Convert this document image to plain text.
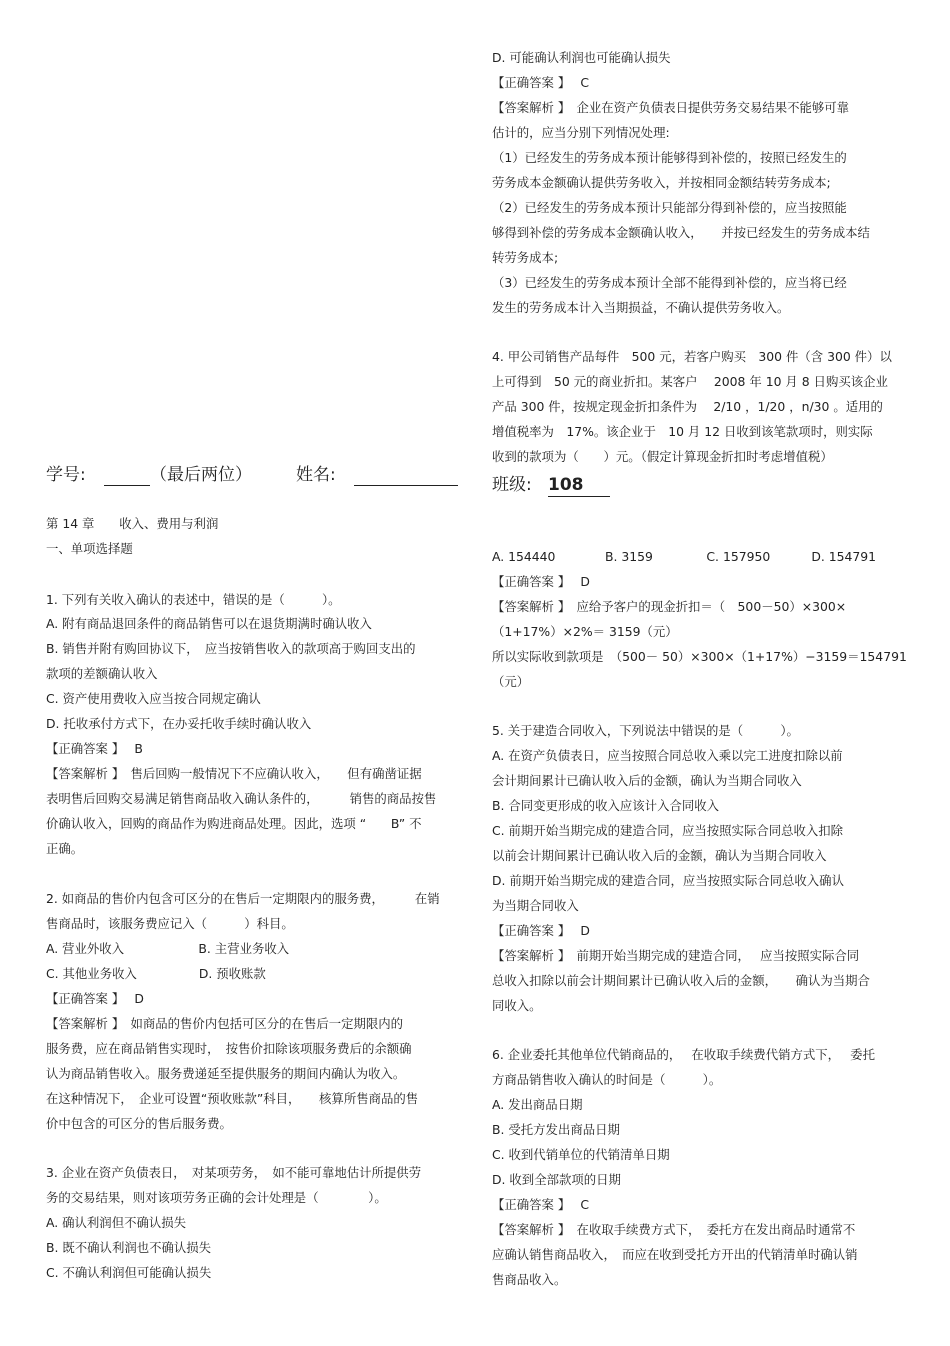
学号:	（最后两位）	姓名:	班级: 108
第 14 章　　收入、费用与利润
一、单项选择题
1. 下列有关收入确认的表述中，错误的是（　　　）。
A. 附有商品退回条件的商品销售可以在退货期满时确认收入
B. 销售并附有购回协议下，　应当按销售收入的款项高于购回支出的
款项的差额确认收入
C. 资产使用费收入应当按合同规定确认
D. 托收承付方式下，在办妥托收手续时确认收入
【正确答案 】　 B
【答案解析 】　售后回购一般情况下不应确认收入，　　但有确凿证据
表明售后回购交易满足销售商品收入确认条件的，　　　销售的商品按售
价确认收入，回购的商品作为购进商品处理。因此，选项 “　　B” 不
正确。
2. 如商品的售价内包含可区分的在售后一定期限内的服务费，　　　在销
售商品时，该服务费应记入（　　　）科目。
A. 营业外收入　　　　　　B. 主营业务收入
C. 其他业务收入　　　　　D. 预收账款
【正确答案 】　 D
【答案解析 】　如商品的售价内包括可区分的在售后一定期限内的
服务费，应在商品销售实现时，　按售价扣除该项服务费后的余额确
认为商品销售收入。服务费递延至提供服务的期间内确认为收入。
在这种情况下，　企业可设置“预收账款”科目，　　核算所售商品的售
价中包含的可区分的售后服务费。
3. 企业在资产负债表日，　对某项劳务，　如不能可靠地估计所提供劳
务的交易结果，则对该项劳务正确的会计处理是（　　　　）。
A. 确认利润但不确认损失
B. 既不确认利润也不确认损失
C. 不确认利润但可能确认损失
D. 可能确认利润也可能确认损失
【正确答案 】　 C
【答案解析 】　企业在资产负债表日提供劳务交易结果不能够可靠
估计的，应当分别下列情况处理:
（1）已经发生的劳务成本预计能够得到补偿的，按照已经发生的
劳务成本金额确认提供劳务收入，并按相同金额结转劳务成本;
（2）已经发生的劳务成本预计只能部分得到补偿的，应当按照能
够得到补偿的劳务成本金额确认收入，　　并按已经发生的劳务成本结
转劳务成本;
（3）已经发生的劳务成本预计全部不能得到补偿的，应当将已经
发生的劳务成本计入当期损益，不确认提供劳务收入。
4. 甲公司销售产品每件　500 元，若客户购买　300 件（含 300 件）以
上可得到　50 元的商业折扣。某客户　 2008 年 10 月 8 日购买该企业
产品 300 件，按规定现金折扣条件为　 2/10 ，1/20 ，n/30 。适用的
增值税率为　17%。该企业于　10 月 12 日收到该笔款项时，则实际
收到的款项为（　　）元。（假定计算现金折扣时考虑增值税）
A. 154440　　　　B. 3159　　　　 C. 157950　　　 D. 154791
【正确答案 】　 D
【答案解析 】　应给予客户的现金折扣＝（　500－50）×300×
（1+17%）×2%＝ 3159（元）
所以实际收到款项是　（500－ 50）×300×（1+17%）−3159＝154791
（元）
5. 关于建造合同收入，下列说法中错误的是（　　　）。
A. 在资产负债表日，应当按照合同总收入乘以完工进度扣除以前
会计期间累计已确认收入后的金额，确认为当期合同收入
B. 合同变更形成的收入应该计入合同收入
C. 前期开始当期完成的建造合同，应当按照实际合同总收入扣除
以前会计期间累计已确认收入后的金额，确认为当期合同收入
D. 前期开始当期完成的建造合同，应当按照实际合同总收入确认
为当期合同收入
【正确答案 】　 D
【答案解析 】　前期开始当期完成的建造合同，　 应当按照实际合同
总收入扣除以前会计期间累计已确认收入后的金额，　　确认为当期合
同收入。
6. 企业委托其他单位代销商品的，　 在收取手续费代销方式下，　 委托
方商品销售收入确认的时间是（　　　）。
A. 发出商品日期
B. 受托方发出商品日期
C. 收到代销单位的代销清单日期
D. 收到全部款项的日期
【正确答案 】　 C
【答案解析 】　在收取手续费方式下，　委托方在发出商品时通常不
应确认销售商品收入，　而应在收到受托方开出的代销清单时确认销
售商品收入。
